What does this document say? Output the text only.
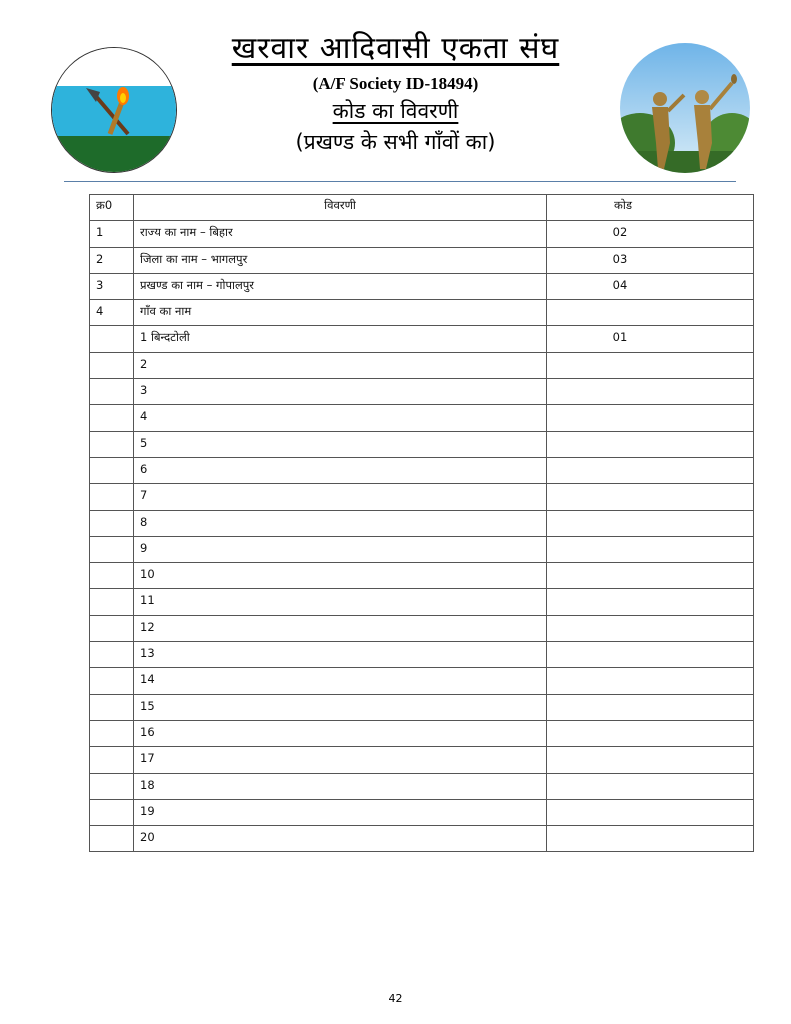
खरवार आदिवासी एकता संघ
(A/F Society ID-18494)
कोड का विवरणी
(प्रखण्ड के सभी गाँवों का)
क्र0	विवरणी	कोड
1	राज्य का नाम – बिहार	02
2	जिला का नाम – भागलपुर	03
3	प्रखण्ड का नाम – गोपालपुर	04
4	गाँव का नाम	
	1 बिन्दटोली	01
	2	
	3	
	4	
	5	
	6	
	7	
	8	
	9	
	10	
	11	
	12	
	13	
	14	
	15	
	16	
	17	
	18	
	19	
	20	
42
